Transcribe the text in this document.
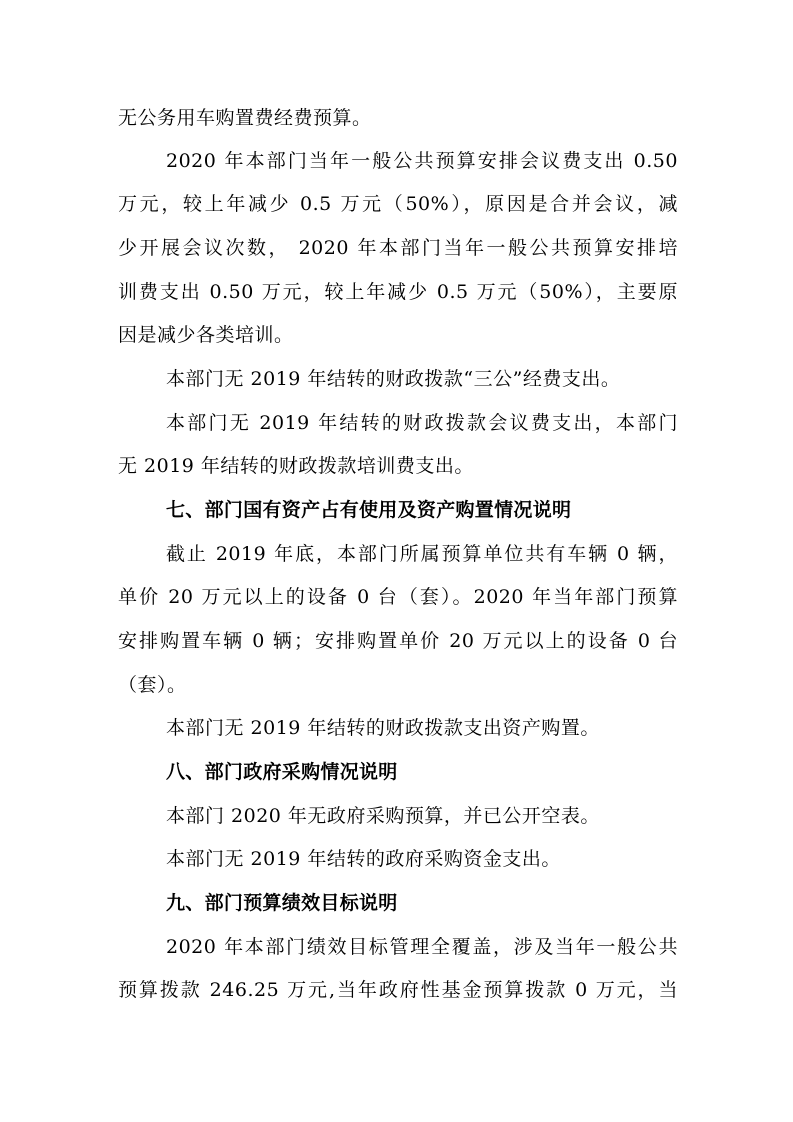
无公务用车购置费经费预算。
2020 年本部门当年一般公共预算安排会议费支出 0.50
万元，较上年减少 0.5 万元（50%），原因是合并会议，减
少开展会议次数， 2020 年本部门当年一般公共预算安排培
训费支出 0.50 万元，较上年减少 0.5 万元（50%），主要原
因是减少各类培训。
本部门无 2019 年结转的财政拨款“三公”经费支出。
本部门无 2019 年结转的财政拨款会议费支出，本部门
无 2019 年结转的财政拨款培训费支出。
七、部门国有资产占有使用及资产购置情况说明
截止 2019 年底，本部门所属预算单位共有车辆 0 辆，
单价 20 万元以上的设备 0 台（套）。2020 年当年部门预算
安排购置车辆 0 辆；安排购置单价 20 万元以上的设备 0 台
（套）。
本部门无 2019 年结转的财政拨款支出资产购置。
八、部门政府采购情况说明
本部门 2020 年无政府采购预算，并已公开空表。
本部门无 2019 年结转的政府采购资金支出。
九、部门预算绩效目标说明
2020 年本部门绩效目标管理全覆盖，涉及当年一般公共
预算拨款 246.25 万元,当年政府性基金预算拨款 0 万元，当
